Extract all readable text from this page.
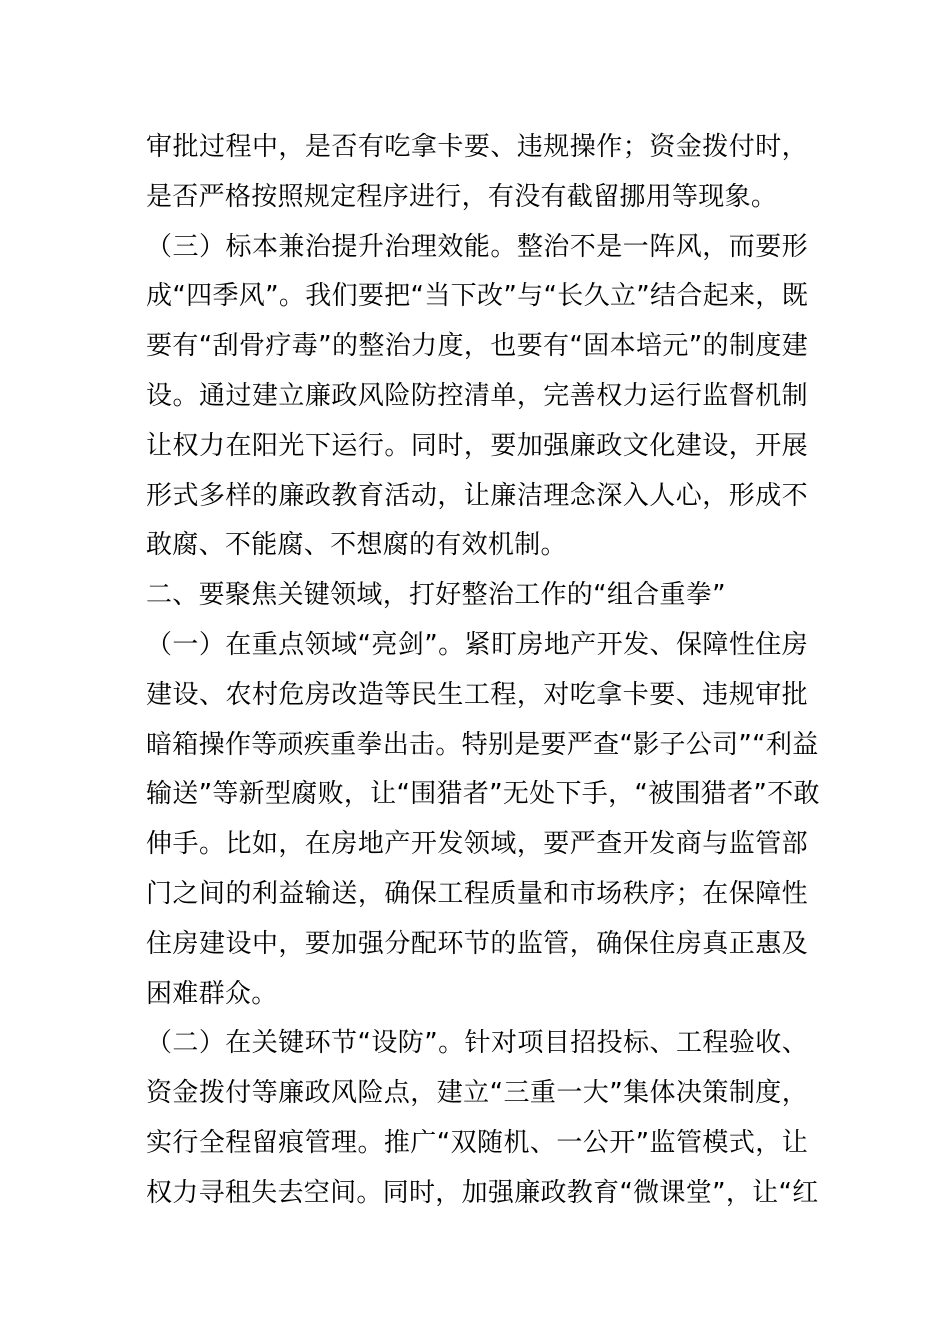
审批过程中，是否有吃拿卡要、违规操作；资金拨付时，
是否严格按照规定程序进行，有没有截留挪用等现象。
（三）标本兼治提升治理效能。整治不是一阵风，而要形
成“四季风”。我们要把“当下改”与“长久立”结合起来，既
要有“刮骨疗毒”的整治力度，也要有“固本培元”的制度建
设。通过建立廉政风险防控清单，完善权力运行监督机制
让权力在阳光下运行。同时，要加强廉政文化建设，开展
形式多样的廉政教育活动，让廉洁理念深入人心，形成不
敢腐、不能腐、不想腐的有效机制。
二、要聚焦关键领域，打好整治工作的“组合重拳”
（一）在重点领域“亮剑”。紧盯房地产开发、保障性住房
建设、农村危房改造等民生工程，对吃拿卡要、违规审批
暗箱操作等顽疾重拳出击。特别是要严查“影子公司”“利益
输送”等新型腐败，让“围猎者”无处下手，“被围猎者”不敢
伸手。比如，在房地产开发领域，要严查开发商与监管部
门之间的利益输送，确保工程质量和市场秩序；在保障性
住房建设中，要加强分配环节的监管，确保住房真正惠及
困难群众。
（二）在关键环节“设防”。针对项目招投标、工程验收、
资金拨付等廉政风险点，建立“三重一大”集体决策制度，
实行全程留痕管理。推广“双随机、一公开”监管模式，让
权力寻租失去空间。同时，加强廉政教育“微课堂”，让“红
